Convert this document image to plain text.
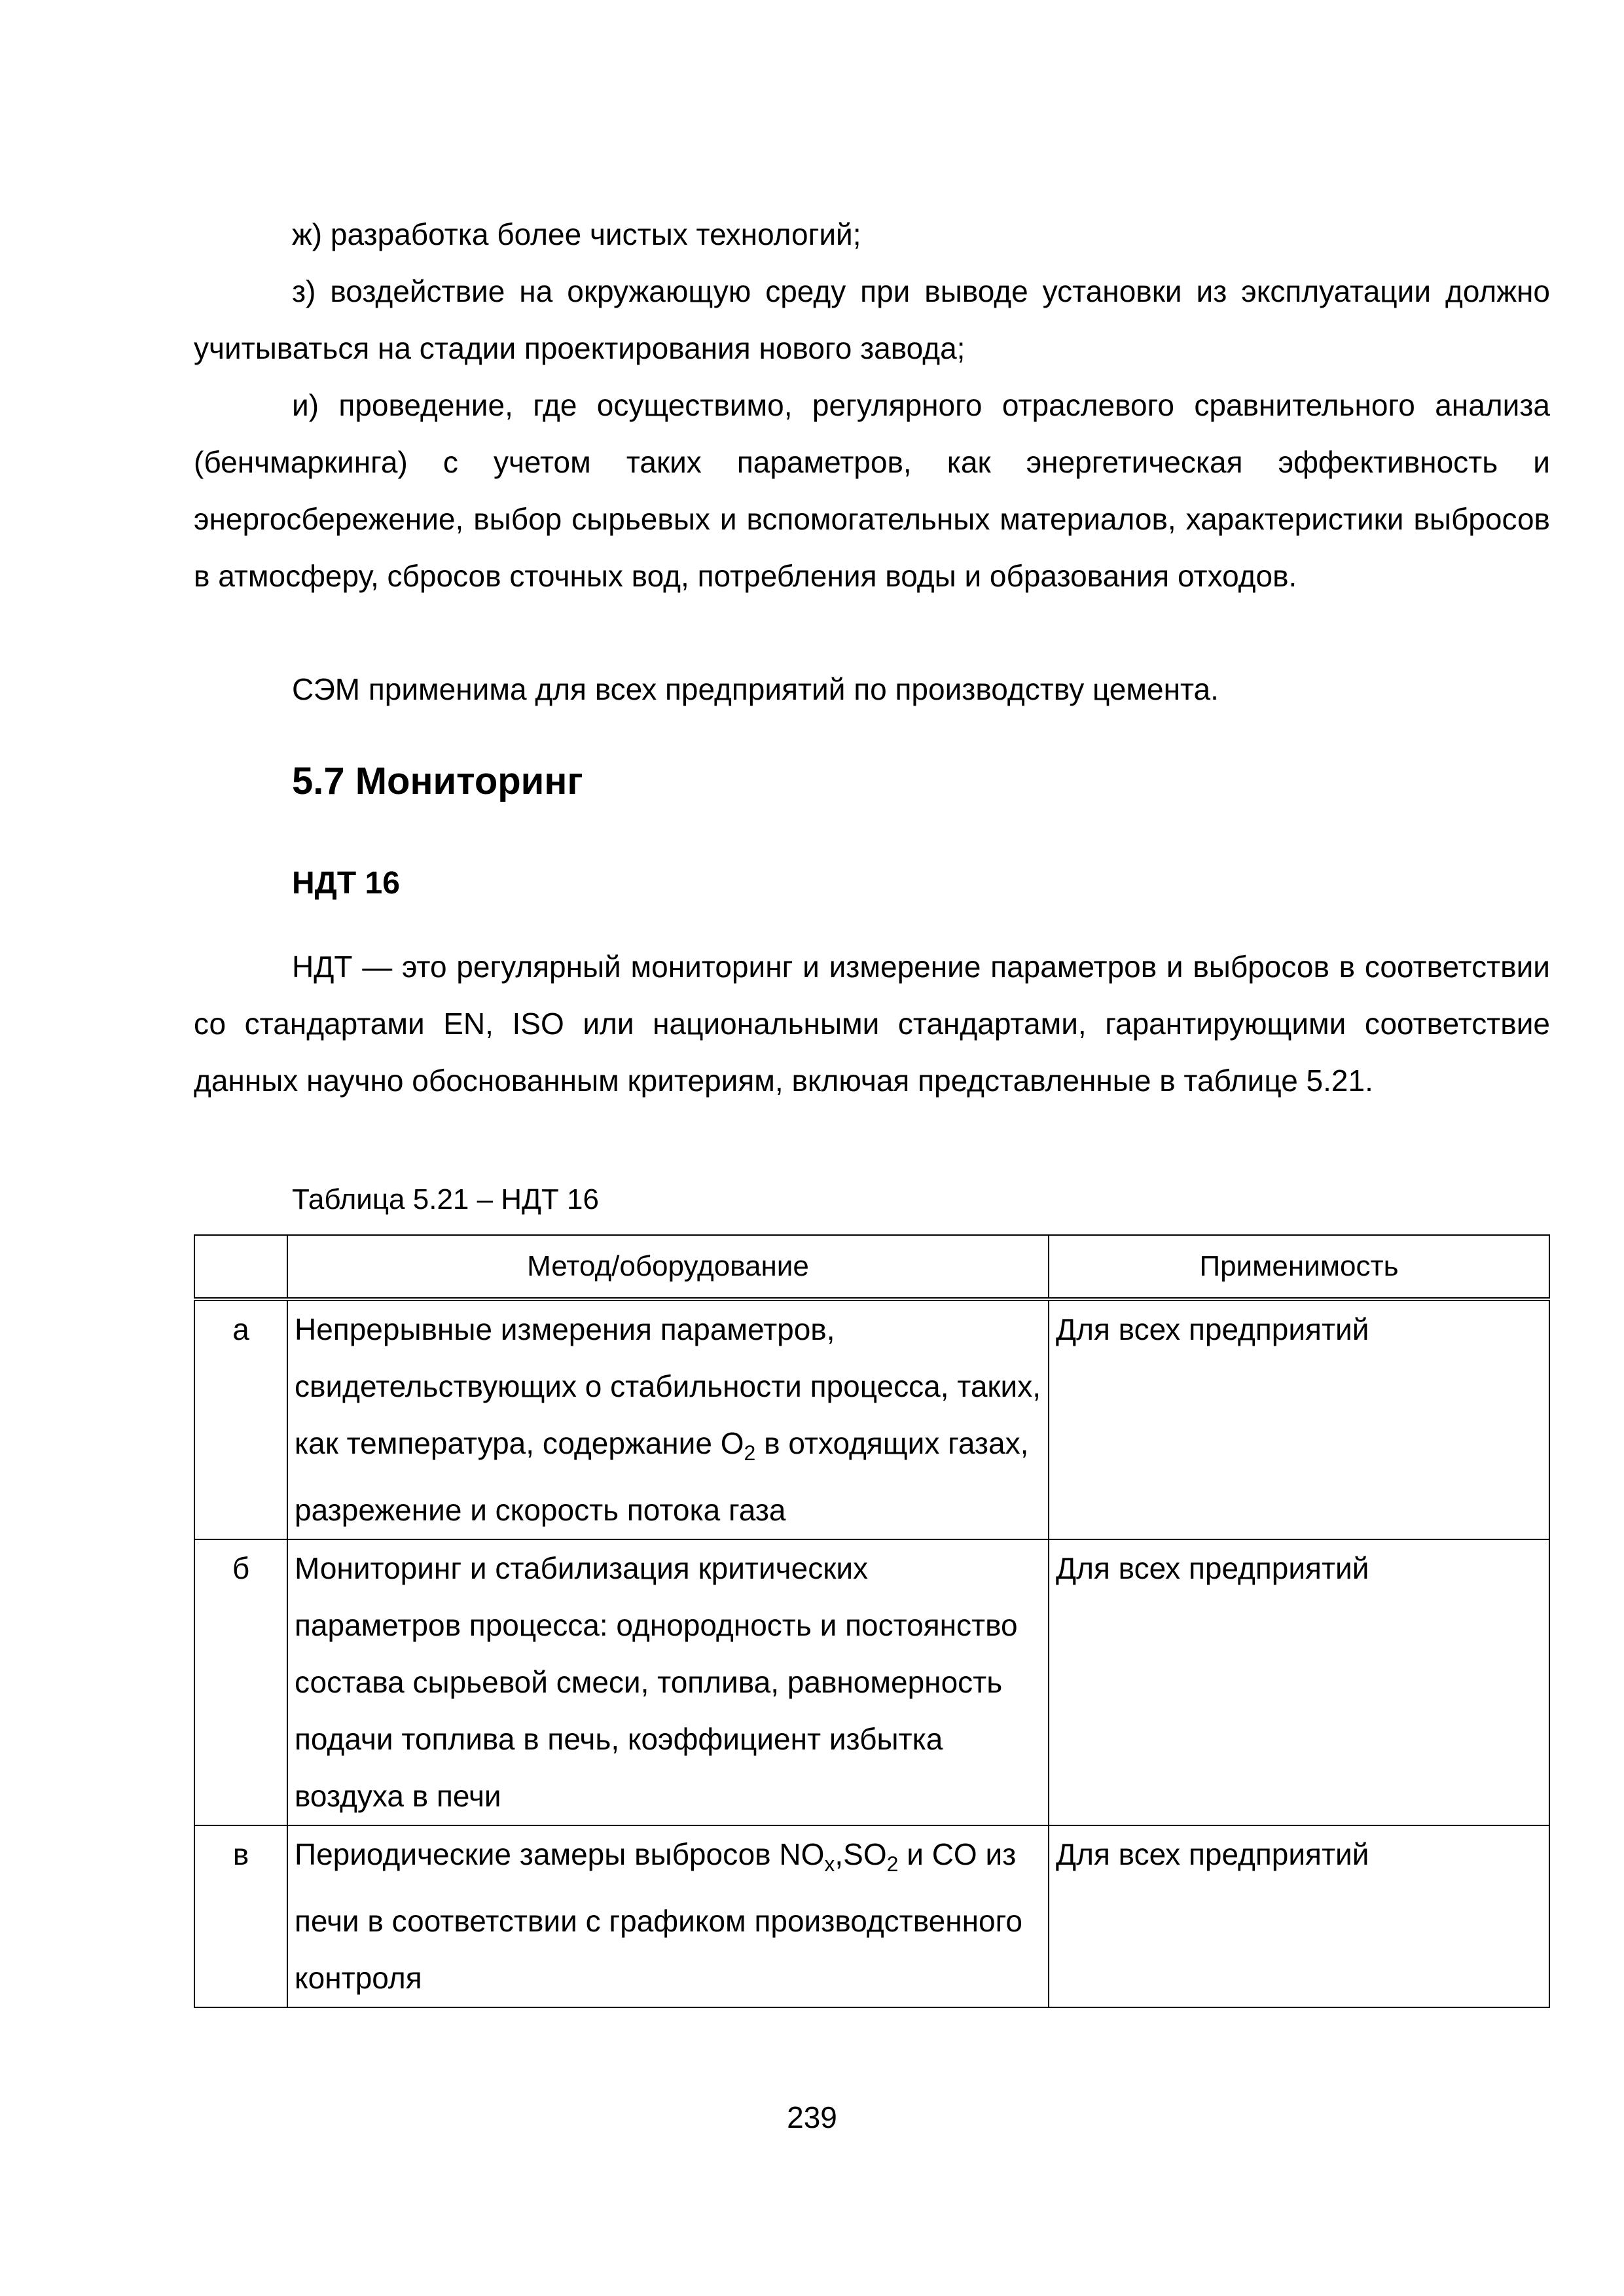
ж) разработка более чистых технологий;

з) воздействие на окружающую среду при выводе установки из эксплуатации должно учитываться на стадии проектирования нового завода;

и) проведение, где осуществимо, регулярного отраслевого сравнительного анализа (бенчмаркинга) с учетом таких параметров, как энергетическая эффективность и энергосбережение, выбор сырьевых и вспомогательных материалов, характеристики выбросов в атмосферу, сбросов сточных вод, потребления воды и образования отходов.

СЭМ применима для всех предприятий по производству цемента.

5.7 Мониторинг
НДТ 16

НДТ — это регулярный мониторинг и измерение параметров и выбросов в соответствии со стандартами EN, ISO или национальными стандартами, гарантирующими соответствие данных научно обоснованным критериям, включая представленные в таблице 5.21.

Таблица 5.21 – НДТ 16

	Метод/оборудование	Применимость
а	Непрерывные измерения параметров, свидетельствующих о стабильности процесса, таких, как температура, содержание $O_2$ в отходящих газах, разрежение и скорость потока газа	Для всех предприятий
б	Мониторинг и стабилизация критических параметров процесса: однородность и постоянство состава сырьевой смеси, топлива, равномерность подачи топлива в печь, коэффициент избытка воздуха в печи	Для всех предприятий
в	Периодические замеры выбросов $NO_x,SO_2$ и CO из печи в соответствии с графиком производственного контроля	Для всех предприятий

239
